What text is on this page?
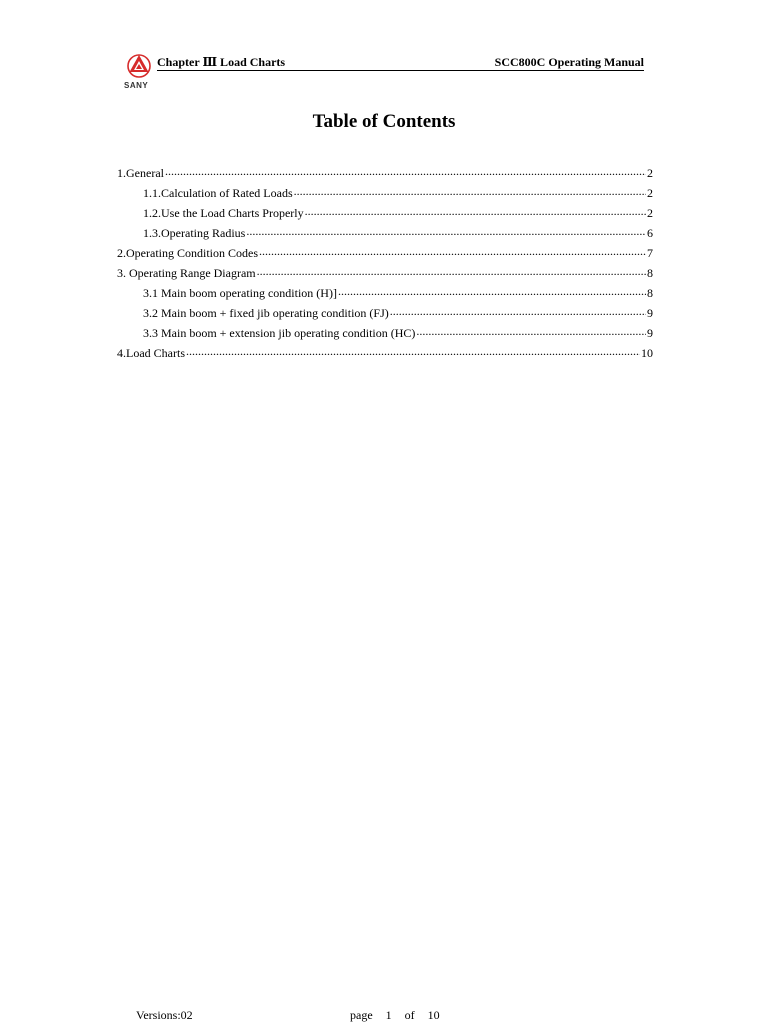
SANY
Chapter Ⅲ Load Charts	SCC800C Operating Manual
Table of Contents
1.General .....	2
1.1.Calculation of Rated Loads .....	2
1.2.Use the Load Charts Properly .....	2
1.3.Operating Radius .....	6
2.Operating Condition Codes .....	7
3. Operating Range Diagram .....	8
3.1 Main boom operating condition (H)] .....	8
3.2 Main boom + fixed jib operating condition (FJ) .....	9
3.3 Main boom + extension jib operating condition (HC) .....	9
4.Load Charts .....	10
Versions:02	page 1 of 10
